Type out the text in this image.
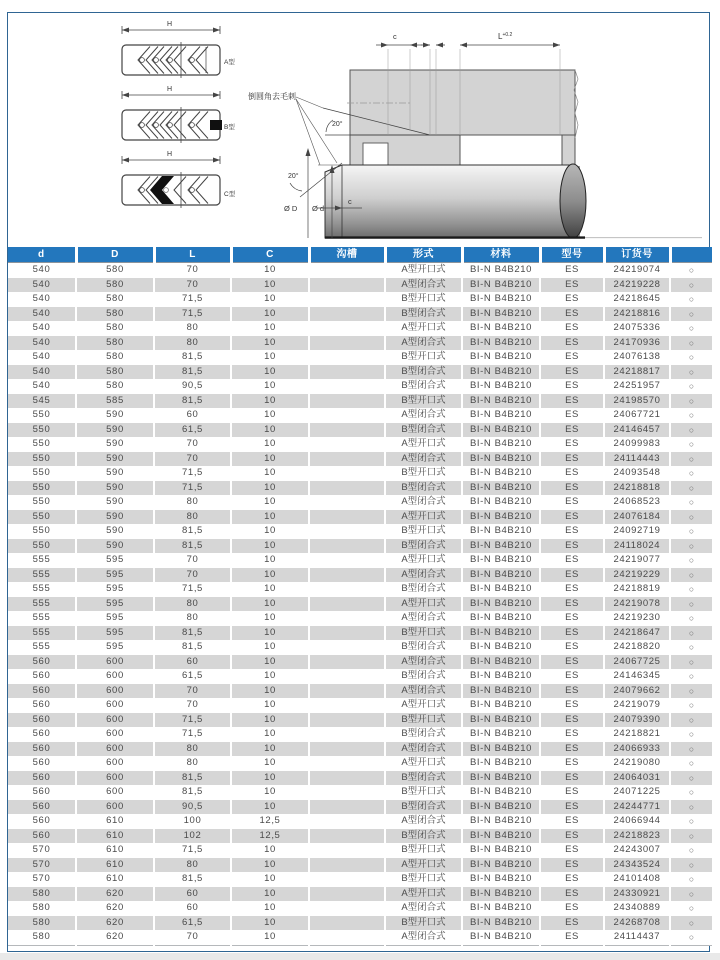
H
A型
H
B型
H
C型
20°
倒圆角去毛刺
20°
c	$L^{+0.2}$
Ø D Ø d
c
d	D	L	C	沟槽	形式	材料	型号	订货号	
540	580	70	10		A型开口式	BI-N B4B210	ES	24219074	○
540	580	70	10		A型闭合式	BI-N B4B210	ES	24219228	○
540	580	71,5	10		B型开口式	BI-N B4B210	ES	24218645	○
540	580	71,5	10		B型闭合式	BI-N B4B210	ES	24218816	○
540	580	80	10		A型开口式	BI-N B4B210	ES	24075336	○
540	580	80	10		A型闭合式	BI-N B4B210	ES	24170936	○
540	580	81,5	10		B型开口式	BI-N B4B210	ES	24076138	○
540	580	81,5	10		B型闭合式	BI-N B4B210	ES	24218817	○
540	580	90,5	10		B型闭合式	BI-N B4B210	ES	24251957	○
545	585	81,5	10		B型开口式	BI-N B4B210	ES	24198570	○
550	590	60	10		A型闭合式	BI-N B4B210	ES	24067721	○
550	590	61,5	10		B型闭合式	BI-N B4B210	ES	24146457	○
550	590	70	10		A型开口式	BI-N B4B210	ES	24099983	○
550	590	70	10		A型闭合式	BI-N B4B210	ES	24114443	○
550	590	71,5	10		B型开口式	BI-N B4B210	ES	24093548	○
550	590	71,5	10		B型闭合式	BI-N B4B210	ES	24218818	○
550	590	80	10		A型闭合式	BI-N B4B210	ES	24068523	○
550	590	80	10		A型开口式	BI-N B4B210	ES	24076184	○
550	590	81,5	10		B型开口式	BI-N B4B210	ES	24092719	○
550	590	81,5	10		B型闭合式	BI-N B4B210	ES	24118024	○
555	595	70	10		A型开口式	BI-N B4B210	ES	24219077	○
555	595	70	10		A型闭合式	BI-N B4B210	ES	24219229	○
555	595	71,5	10		B型闭合式	BI-N B4B210	ES	24218819	○
555	595	80	10		A型开口式	BI-N B4B210	ES	24219078	○
555	595	80	10		A型闭合式	BI-N B4B210	ES	24219230	○
555	595	81,5	10		B型开口式	BI-N B4B210	ES	24218647	○
555	595	81,5	10		B型闭合式	BI-N B4B210	ES	24218820	○
560	600	60	10		A型闭合式	BI-N B4B210	ES	24067725	○
560	600	61,5	10		B型闭合式	BI-N B4B210	ES	24146345	○
560	600	70	10		A型闭合式	BI-N B4B210	ES	24079662	○
560	600	70	10		A型开口式	BI-N B4B210	ES	24219079	○
560	600	71,5	10		B型开口式	BI-N B4B210	ES	24079390	○
560	600	71,5	10		B型闭合式	BI-N B4B210	ES	24218821	○
560	600	80	10		A型闭合式	BI-N B4B210	ES	24066933	○
560	600	80	10		A型开口式	BI-N B4B210	ES	24219080	○
560	600	81,5	10		B型闭合式	BI-N B4B210	ES	24064031	○
560	600	81,5	10		B型开口式	BI-N B4B210	ES	24071225	○
560	600	90,5	10		B型闭合式	BI-N B4B210	ES	24244771	○
560	610	100	12,5		A型闭合式	BI-N B4B210	ES	24066944	○
560	610	102	12,5		B型闭合式	BI-N B4B210	ES	24218823	○
570	610	71,5	10		B型开口式	BI-N B4B210	ES	24243007	○
570	610	80	10		A型开口式	BI-N B4B210	ES	24343524	○
570	610	81,5	10		B型开口式	BI-N B4B210	ES	24101408	○
580	620	60	10		A型开口式	BI-N B4B210	ES	24330921	○
580	620	60	10		A型闭合式	BI-N B4B210	ES	24340889	○
580	620	61,5	10		B型开口式	BI-N B4B210	ES	24268708	○
580	620	70	10		A型闭合式	BI-N B4B210	ES	24114437	○
